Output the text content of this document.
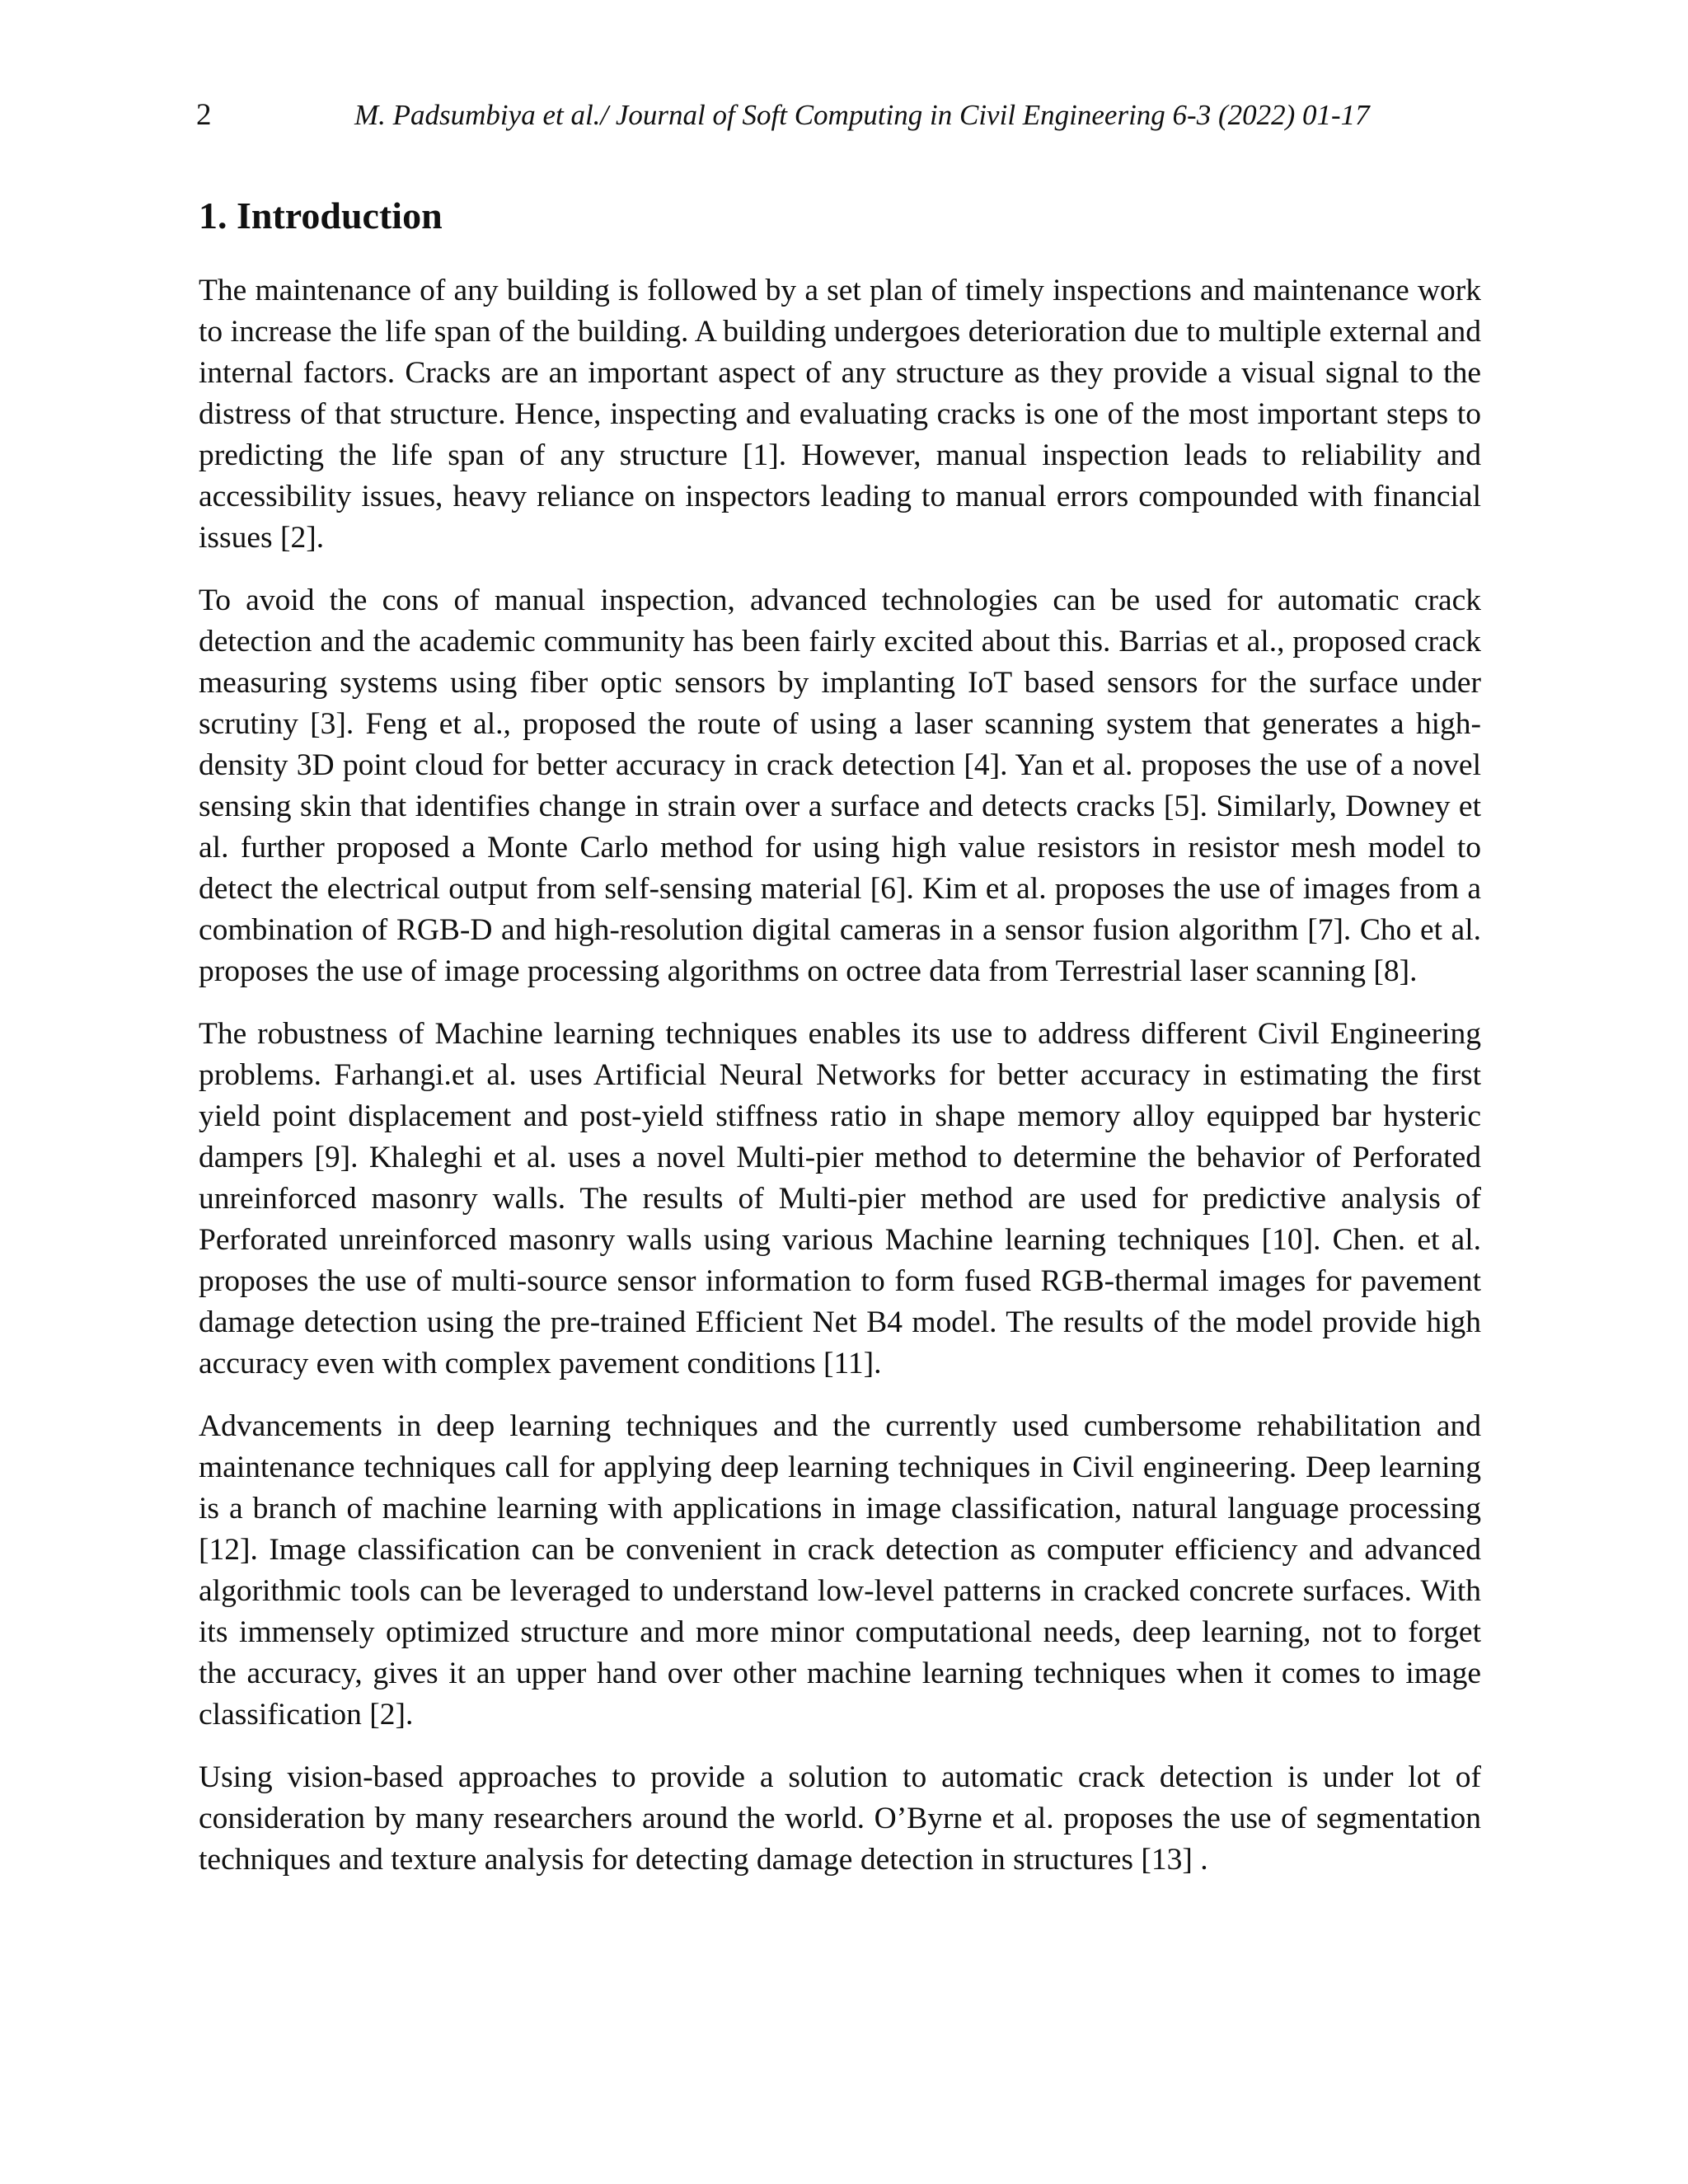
2	M. Padsumbiya et al./ Journal of Soft Computing in Civil Engineering 6-3 (2022) 01-17

1. Introduction

The maintenance of any building is followed by a set plan of timely inspections and maintenance work to increase the life span of the building. A building undergoes deterioration due to multiple external and internal factors. Cracks are an important aspect of any structure as they provide a visual signal to the distress of that structure. Hence, inspecting and evaluating cracks is one of the most important steps to predicting the life span of any structure [1]. However, manual inspection leads to reliability and accessibility issues, heavy reliance on inspectors leading to manual errors compounded with financial issues [2].

To avoid the cons of manual inspection, advanced technologies can be used for automatic crack detection and the academic community has been fairly excited about this. Barrias et al., proposed crack measuring systems using fiber optic sensors by implanting IoT based sensors for the surface under scrutiny [3]. Feng et al., proposed the route of using a laser scanning system that generates a high-density 3D point cloud for better accuracy in crack detection [4]. Yan et al. proposes the use of a novel sensing skin that identifies change in strain over a surface and detects cracks [5]. Similarly, Downey et al. further proposed a Monte Carlo method for using high value resistors in resistor mesh model to detect the electrical output from self-sensing material [6]. Kim et al. proposes the use of images from a combination of RGB-D and high-resolution digital cameras in a sensor fusion algorithm [7]. Cho et al. proposes the use of image processing algorithms on octree data from Terrestrial laser scanning [8].

The robustness of Machine learning techniques enables its use to address different Civil Engineering problems. Farhangi.et al. uses Artificial Neural Networks for better accuracy in estimating the first yield point displacement and post-yield stiffness ratio in shape memory alloy equipped bar hysteric dampers [9]. Khaleghi et al. uses a novel Multi-pier method to determine the behavior of Perforated unreinforced masonry walls. The results of Multi-pier method are used for predictive analysis of Perforated unreinforced masonry walls using various Machine learning techniques [10]. Chen. et al. proposes the use of multi-source sensor information to form fused RGB-thermal images for pavement damage detection using the pre-trained Efficient Net B4 model. The results of the model provide high accuracy even with complex pavement conditions [11].

Advancements in deep learning techniques and the currently used cumbersome rehabilitation and maintenance techniques call for applying deep learning techniques in Civil engineering. Deep learning is a branch of machine learning with applications in image classification, natural language processing [12]. Image classification can be convenient in crack detection as computer efficiency and advanced algorithmic tools can be leveraged to understand low-level patterns in cracked concrete surfaces. With its immensely optimized structure and more minor computational needs, deep learning, not to forget the accuracy, gives it an upper hand over other machine learning techniques when it comes to image classification [2].

Using vision-based approaches to provide a solution to automatic crack detection is under lot of consideration by many researchers around the world. O’Byrne et al. proposes the use of segmentation techniques and texture analysis for detecting damage detection in structures [13] .
